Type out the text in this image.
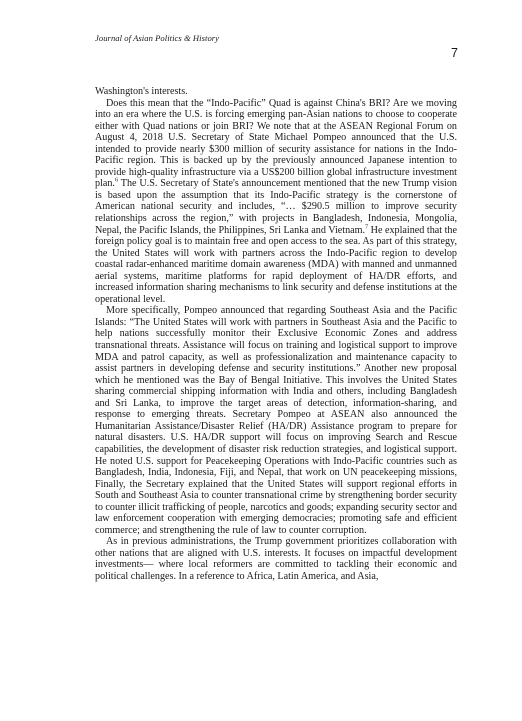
Journal of Asian Politics & History
7

Washington's interests.

Does this mean that the “Indo-Pacific” Quad is against China's BRI? Are we moving into an era where the U.S. is forcing emerging pan-Asian nations to choose to cooperate either with Quad nations or join BRI? We note that at the ASEAN Regional Forum on August 4, 2018 U.S. Secretary of State Michael Pompeo announced that the U.S. intended to provide nearly $300 million of security assistance for nations in the Indo-Pacific region. This is backed up by the previously announced Japanese intention to provide high-quality infrastructure via a US$200 billion global infrastructure investment plan.$^6$ The U.S. Secretary of State's announcement mentioned that the new Trump vision is based upon the assumption that its Indo-Pacific strategy is the cornerstone of American national security and includes, “… $290.5 million to improve security relationships across the region,” with projects in Bangladesh, Indonesia, Mongolia, Nepal, the Pacific Islands, the Philippines, Sri Lanka and Vietnam.$^7$ He explained that the foreign policy goal is to maintain free and open access to the sea. As part of this strategy, the United States will work with partners across the Indo-Pacific region to develop coastal radar-enhanced maritime domain awareness (MDA) with manned and unmanned aerial systems, maritime platforms for rapid deployment of HA/DR efforts, and increased information sharing mechanisms to link security and defense institutions at the operational level.

More specifically, Pompeo announced that regarding Southeast Asia and the Pacific Islands: “The United States will work with partners in Southeast Asia and the Pacific to help nations successfully monitor their Exclusive Economic Zones and address transnational threats. Assistance will focus on training and logistical support to improve MDA and patrol capacity, as well as professionalization and maintenance capacity to assist partners in developing defense and security institutions.” Another new proposal which he mentioned was the Bay of Bengal Initiative. This involves the United States sharing commercial shipping information with India and others, including Bangladesh and Sri Lanka, to improve the target areas of detection, information-sharing, and response to emerging threats. Secretary Pompeo at ASEAN also announced the Humanitarian Assistance/Disaster Relief (HA/DR) Assistance program to prepare for natural disasters. U.S. HA/DR support will focus on improving Search and Rescue capabilities, the development of disaster risk reduction strategies, and logistical support. He noted U.S. support for Peacekeeping Operations with Indo-Pacific countries such as Bangladesh, India, Indonesia, Fiji, and Nepal, that work on UN peacekeeping missions, Finally, the Secretary explained that the United States will support regional efforts in South and Southeast Asia to counter transnational crime by strengthening border security to counter illicit trafficking of people, narcotics and goods; expanding security sector and law enforcement cooperation with emerging democracies; promoting safe and efficient commerce; and strengthening the rule of law to counter corruption.

As in previous administrations, the Trump government prioritizes collaboration with other nations that are aligned with U.S. interests. It focuses on impactful development investments— where local reformers are committed to tackling their economic and political challenges. In a reference to Africa, Latin America, and Asia,
